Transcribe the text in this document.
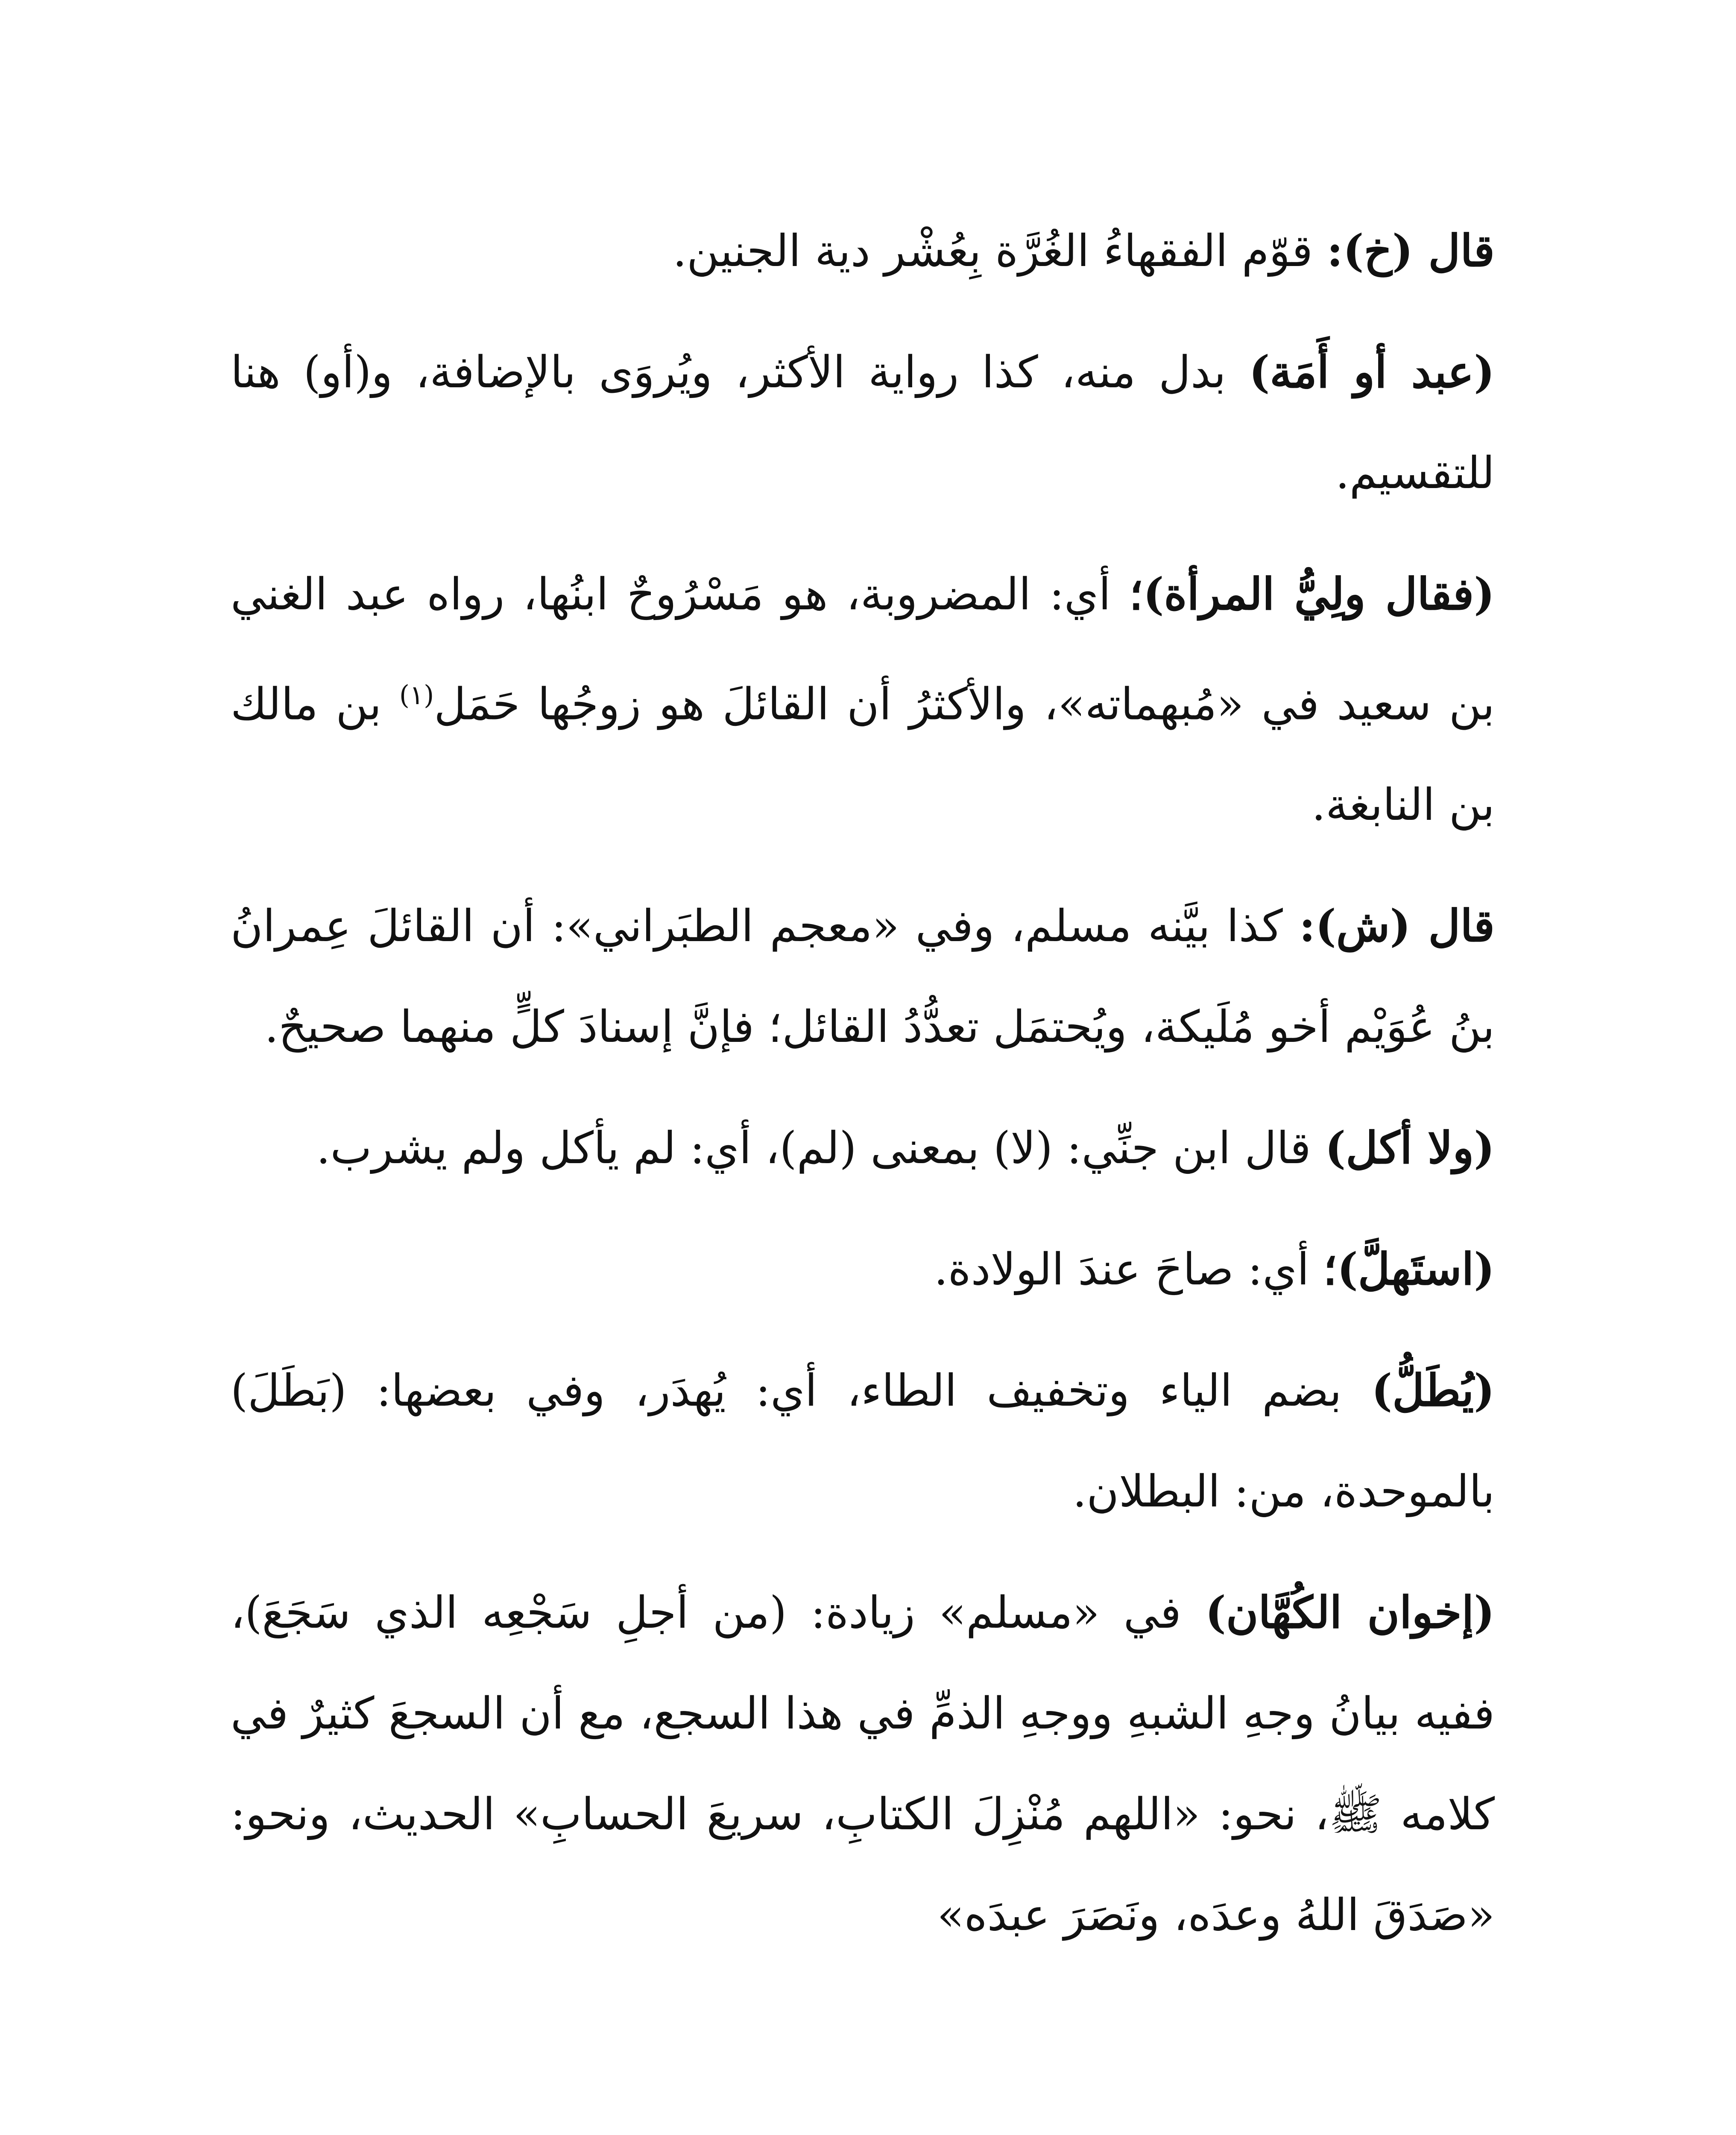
قال (خ): قوّم الفقهاءُ الغُرَّة بِعُشْر دية الجنين.

(عبد أو أَمَة) بدل منه، كذا رواية الأكثر، ويُروَى بالإضافة، و(أو) هنا للتقسيم.

(فقال ولِيُّ المرأة)؛ أي: المضروبة، هو مَسْرُوحٌ ابنُها، رواه عبد الغني بن سعيد في «مُبهماته»، والأكثرُ أن القائلَ هو زوجُها حَمَل$^{(١)}$ بن مالك بن النابغة.

قال (ش): كذا بيَّنه مسلم، وفي «معجم الطبَراني»: أن القائلَ عِمرانُ بنُ عُوَيْم أخو مُلَيكة، ويُحتمَل تعدُّدُ القائل؛ فإنَّ إسنادَ كلٍّ منهما صحيحٌ.

(ولا أكل) قال ابن جنِّي: (لا) بمعنى (لم)، أي: لم يأكل ولم يشرب.

(استَهلَّ)؛ أي: صاحَ عندَ الولادة.

(يُطَلُّ) بضم الياء وتخفيف الطاء، أي: يُهدَر، وفي بعضها: (بَطَلَ) بالموحدة، من: البطلان.

(إخوان الكُهَّان) في «مسلم» زيادة: (من أجلِ سَجْعِه الذي سَجَعَ)، ففيه بيانُ وجهِ الشبهِ ووجهِ الذمِّ في هذا السجع، مع أن السجعَ كثيرٌ في كلامه ﷺ، نحو: «اللهم مُنْزِلَ الكتابِ، سريعَ الحسابِ» الحديث، ونحو: «صَدَقَ اللهُ وعدَه، ونَصَرَ عبدَه»
